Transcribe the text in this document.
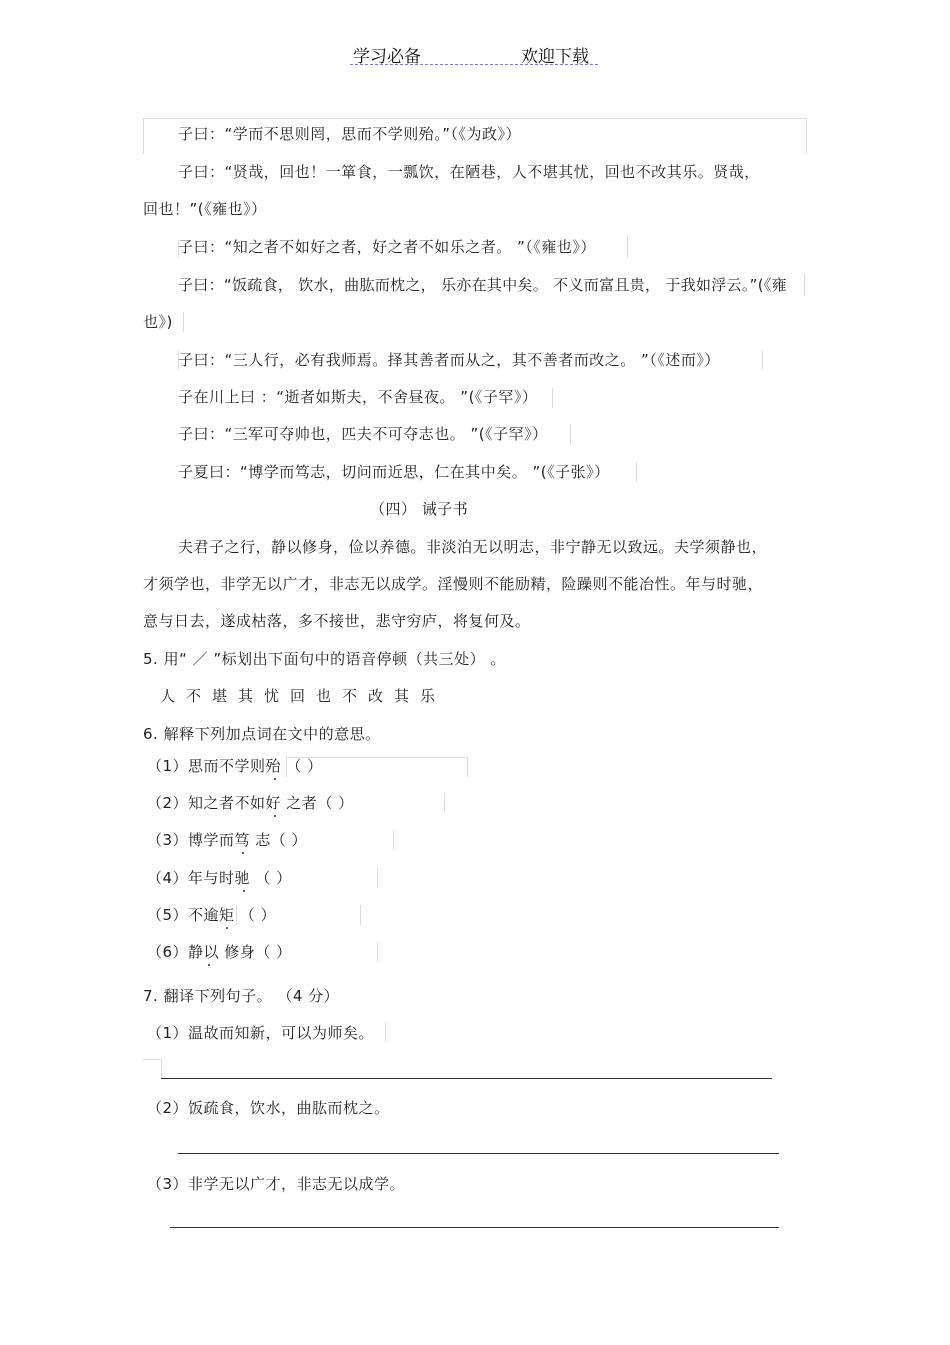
学习必备	欢迎下载
子曰：“学而不思则罔，思而不学则殆。”（《为政》）
子曰：“贤哉，回也！一箪食，一瓢饮，在陋巷，人不堪其忧，回也不改其乐。贤哉，
回也！”(《雍也》）
子曰：“知之者不如好之者，好之者不如乐之者。 ”（《雍也》）
子曰：“饭疏食， 饮水，曲肱而枕之， 乐亦在其中矣。 不义而富且贵， 于我如浮云。”(《雍
也》)
子曰：“三人行，必有我师焉。择其善者而从之，其不善者而改之。 ”（《述而》）
子在川上曰 ：“逝者如斯夫，不舍昼夜。 ”(《子罕》）
子曰：“三军可夺帅也，匹夫不可夺志也。 ”(《子罕》）
子夏曰：“博学而笃志，切问而近思，仁在其中矣。 ”(《子张》）
（四） 诫子书
夫君子之行，静以修身，俭以养德。非淡泊无以明志，非宁静无以致远。夫学须静也，
才须学也，非学无以广才，非志无以成学。淫慢则不能励精，险躁则不能冶性。年与时驰，
意与日去，遂成枯落，多不接世，悲守穷庐，将复何及。
5. 用“ ／ ”标划出下面句中的语音停顿（共三处） 。
人 不 堪 其 忧 回 也 不 改 其 乐
6. 解释下列加点词在文中的意思。
（1）思而不学则殆 （ ）
（2）知之者不如好 之者（ ）
（3）博学而笃 志（ ）
（4）年与时驰 （ ）
（5）不逾矩 （ ）
（6）静以 修身（ ）
7. 翻译下列句子。 （4 分）
（1）温故而知新，可以为师矣。
（2）饭疏食，饮水，曲肱而枕之。
（3）非学无以广才，非志无以成学。
